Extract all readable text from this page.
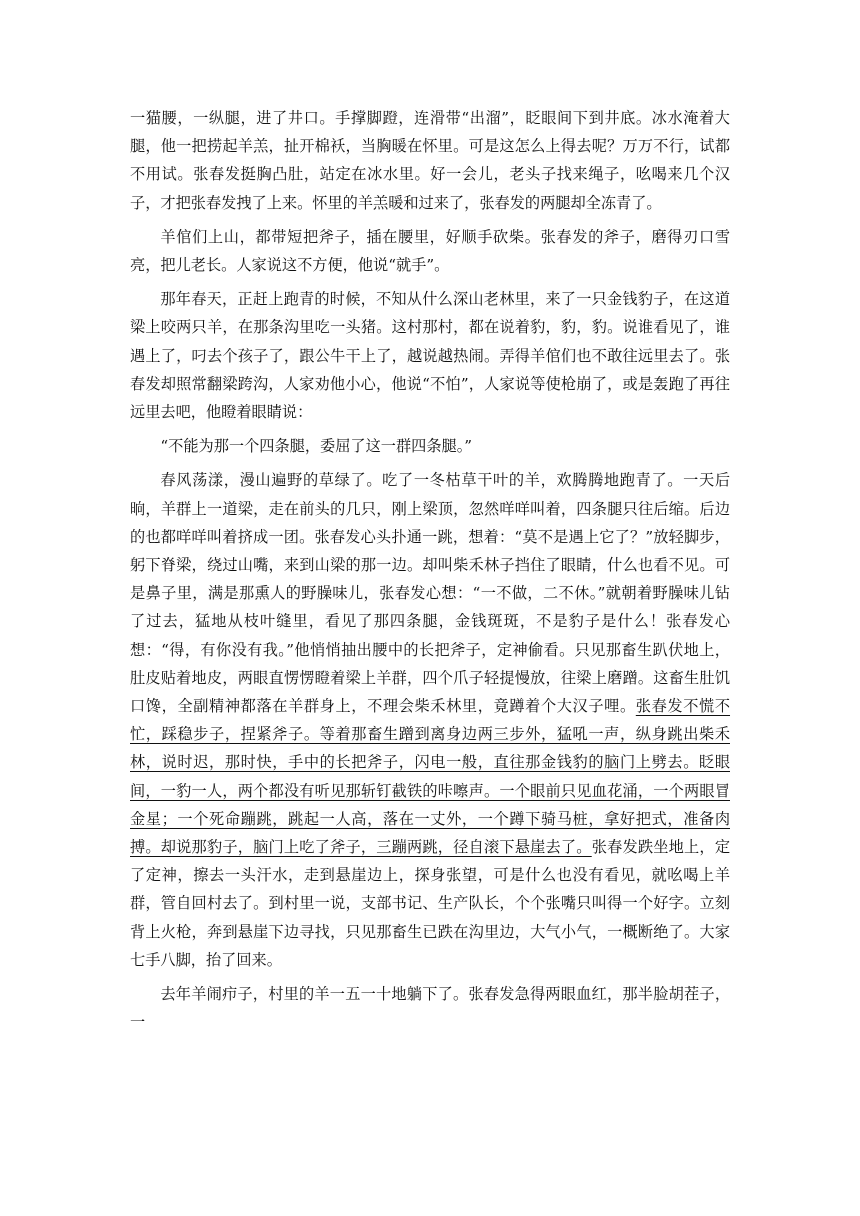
一猫腰，一纵腿，进了井口。手撑脚蹬，连滑带“出溜”，眨眼间下到井底。冰水淹着大腿，他一把捞起羊羔，扯开棉袄，当胸暖在怀里。可是这怎么上得去呢？万万不行，试都不用试。张春发挺胸凸肚，站定在冰水里。好一会儿，老头子找来绳子，吆喝来几个汉子，才把张春发拽了上来。怀里的羊羔暖和过来了，张春发的两腿却全冻青了。

羊倌们上山，都带短把斧子，插在腰里，好顺手砍柴。张春发的斧子，磨得刃口雪亮，把儿老长。人家说这不方便，他说“就手”。

那年春天，正赶上跑青的时候，不知从什么深山老林里，来了一只金钱豹子，在这道梁上咬两只羊，在那条沟里吃一头猪。这村那村，都在说着豹，豹，豹。说谁看见了，谁遇上了，叼去个孩子了，跟公牛干上了，越说越热闹。弄得羊倌们也不敢往远里去了。张春发却照常翻梁跨沟，人家劝他小心，他说“不怕”，人家说等使枪崩了，或是轰跑了再往远里去吧，他瞪着眼睛说：

“不能为那一个四条腿，委屈了这一群四条腿。”

春风荡漾，漫山遍野的草绿了。吃了一冬枯草干叶的羊，欢腾腾地跑青了。一天后晌，羊群上一道梁，走在前头的几只，刚上梁顶，忽然咩咩叫着，四条腿只往后缩。后边的也都咩咩叫着挤成一团。张春发心头扑通一跳，想着：“莫不是遇上它了？”放轻脚步，躬下脊梁，绕过山嘴，来到山梁的那一边。却叫柴禾林子挡住了眼睛，什么也看不见。可是鼻子里，满是那熏人的野臊味儿，张春发心想：“一不做，二不休。”就朝着野臊味儿钻了过去，猛地从枝叶缝里，看见了那四条腿，金钱斑斑，不是豹子是什么！张春发心想：“得，有你没有我。”他悄悄抽出腰中的长把斧子，定神偷看。只见那畜生趴伏地上，肚皮贴着地皮，两眼直愣愣瞪着梁上羊群，四个爪子轻提慢放，往梁上磨蹭。这畜生肚饥口馋，全副精神都落在羊群身上，不理会柴禾林里，竟蹲着个大汉子哩。张春发不慌不忙，踩稳步子，捏紧斧子。等着那畜生蹭到离身边两三步外，猛吼一声，纵身跳出柴禾林，说时迟，那时快，手中的长把斧子，闪电一般，直往那金钱豹的脑门上劈去。眨眼间，一豹一人，两个都没有听见那斩钉截铁的咔嚓声。一个眼前只见血花涌，一个两眼冒金星；一个死命蹦跳，跳起一人高，落在一丈外，一个蹲下骑马桩，拿好把式，准备肉搏。却说那豹子，脑门上吃了斧子，三蹦两跳，径自滚下悬崖去了。张春发跌坐地上，定了定神，擦去一头汗水，走到悬崖边上，探身张望，可是什么也没有看见，就吆喝上羊群，管自回村去了。到村里一说，支部书记、生产队长，个个张嘴只叫得一个好字。立刻背上火枪，奔到悬崖下边寻找，只见那畜生已跌在沟里边，大气小气，一概断绝了。大家七手八脚，抬了回来。

去年羊闹疖子，村里的羊一五一十地躺下了。张春发急得两眼血红，那半脸胡茬子，一
